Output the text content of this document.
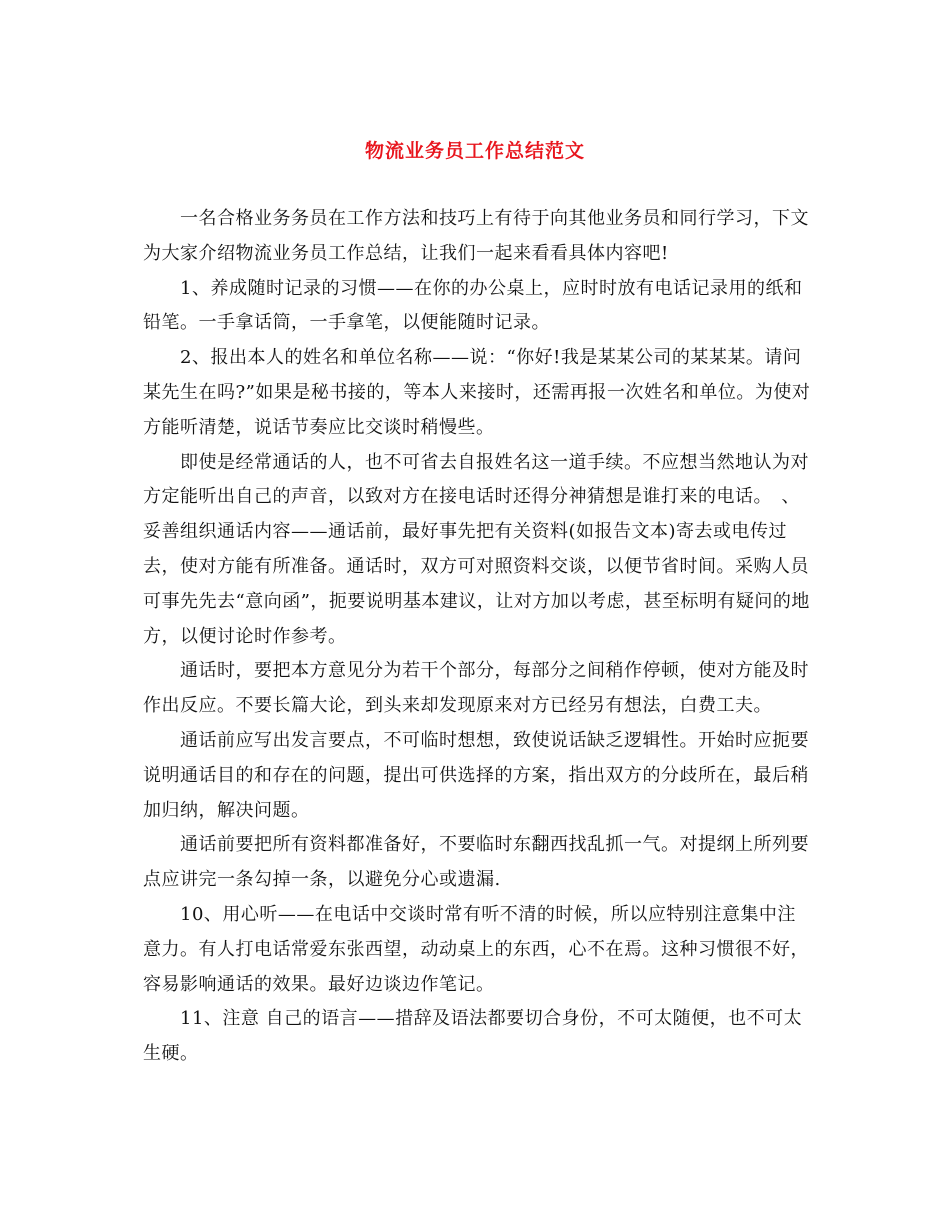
物流业务员工作总结范文

一名合格业务务员在工作方法和技巧上有待于向其他业务员和同行学习，下文为大家介绍物流业务员工作总结，让我们一起来看看具体内容吧!

1、养成随时记录的习惯——在你的办公桌上，应时时放有电话记录用的纸和铅笔。一手拿话筒，一手拿笔，以便能随时记录。

2、报出本人的姓名和单位名称——说：“你好!我是某某公司的某某某。请问某先生在吗?”如果是秘书接的，等本人来接时，还需再报一次姓名和单位。为使对方能听清楚，说话节奏应比交谈时稍慢些。

即使是经常通话的人，也不可省去自报姓名这一道手续。不应想当然地认为对方定能听出自己的声音，以致对方在接电话时还得分神猜想是谁打来的电话。　、妥善组织通话内容——通话前，最好事先把有关资料(如报告文本)寄去或电传过去，使对方能有所准备。通话时，双方可对照资料交谈，以便节省时间。采购人员可事先先去“意向函”，扼要说明基本建议，让对方加以考虑，甚至标明有疑问的地方，以便讨论时作参考。

通话时，要把本方意见分为若干个部分，每部分之间稍作停顿，使对方能及时作出反应。不要长篇大论，到头来却发现原来对方已经另有想法，白费工夫。

通话前应写出发言要点，不可临时想想，致使说话缺乏逻辑性。开始时应扼要说明通话目的和存在的问题，提出可供选择的方案，指出双方的分歧所在，最后稍加归纳，解决问题。

通话前要把所有资料都准备好，不要临时东翻西找乱抓一气。对提纲上所列要点应讲完一条勾掉一条，以避免分心或遗漏.

10、用心听——在电话中交谈时常有听不清的时候，所以应特别注意集中注意力。有人打电话常爱东张西望，动动桌上的东西，心不在焉。这种习惯很不好，容易影响通话的效果。最好边谈边作笔记。

11、注意 自己的语言——措辞及语法都要切合身份，不可太随便，也不可太生硬。
